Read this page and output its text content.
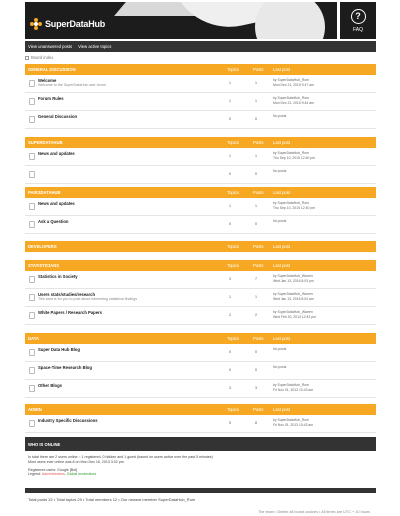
SuperDataHub
?
FAQ
View unanswered posts View active topics
Board index
GENERAL DISCUSSION	Topics	Posts Last post
Welcome
Welcome to the SuperDataHub user forum	1	1
by SuperDataHub_Rom
Mon Dec 21, 2015 9:47 am
Forum Rules	1	1
by SuperDataHub_Rom
Mon Dec 21, 2015 9:44 am
General Discussion	0	0
No posts
SUPERDATAHUB	Topics	Posts Last post
News and updates	1	1
by SuperDataHub_Rom
Thu Sep 10, 2015 12:40 pm
0	0
No posts
PAIRSDATAHUB	Topics	Posts Last post
News and updates	1	1
by SuperDataHub_Rom
Thu Sep 10, 2015 12:40 pm
Ask a Question	0	0
No posts
DEVELOPERS	Topics	Posts Last post
STATISTICIANS	Topics	Posts Last post
Statistics in Society	3	7
by SuperDataHub_Warren
Wed Jan 13, 2016 8:03 pm
Users stats/studies/research
This area is for you to post about interesting statistical findings	1	1
by SuperDataHub_Warren
Wed Jan 13, 2016 8:04 am
White Papers / Research Papers	2	2
by SuperDataHub_Warren
Wed Feb 20, 2013 12:43 pm
DATA	Topics	Posts Last post
Super Data Hub Blog	0	0
No posts
Space-Time Research Blog	0	0
No posts
Other Blogs	3	3
by SuperDataHub_Rom
Fri Nov 01, 2013 10:43 am
ADMIN	Topics	Posts Last post
Industry Specific Discussions	5	8
by SuperDataHub_Rom
Fri Nov 01, 2013 10:43 am
WHO IS ONLINE
In total there are 2 users online :: 1 registered, 0 hidden and 1 guest (based on users active over the past 5 minutes)
Most users ever online was 8 on Mon Dec 16, 2013 3:02 pm
Registered users: Google [Bot]
Legend: Administrators, Global moderators
Total posts 32 • Total topics 29 • Total members 12 • Our newest member SuperDataHub_Rom
The team • Delete all board cookies • All times are UTC + 10 hours
